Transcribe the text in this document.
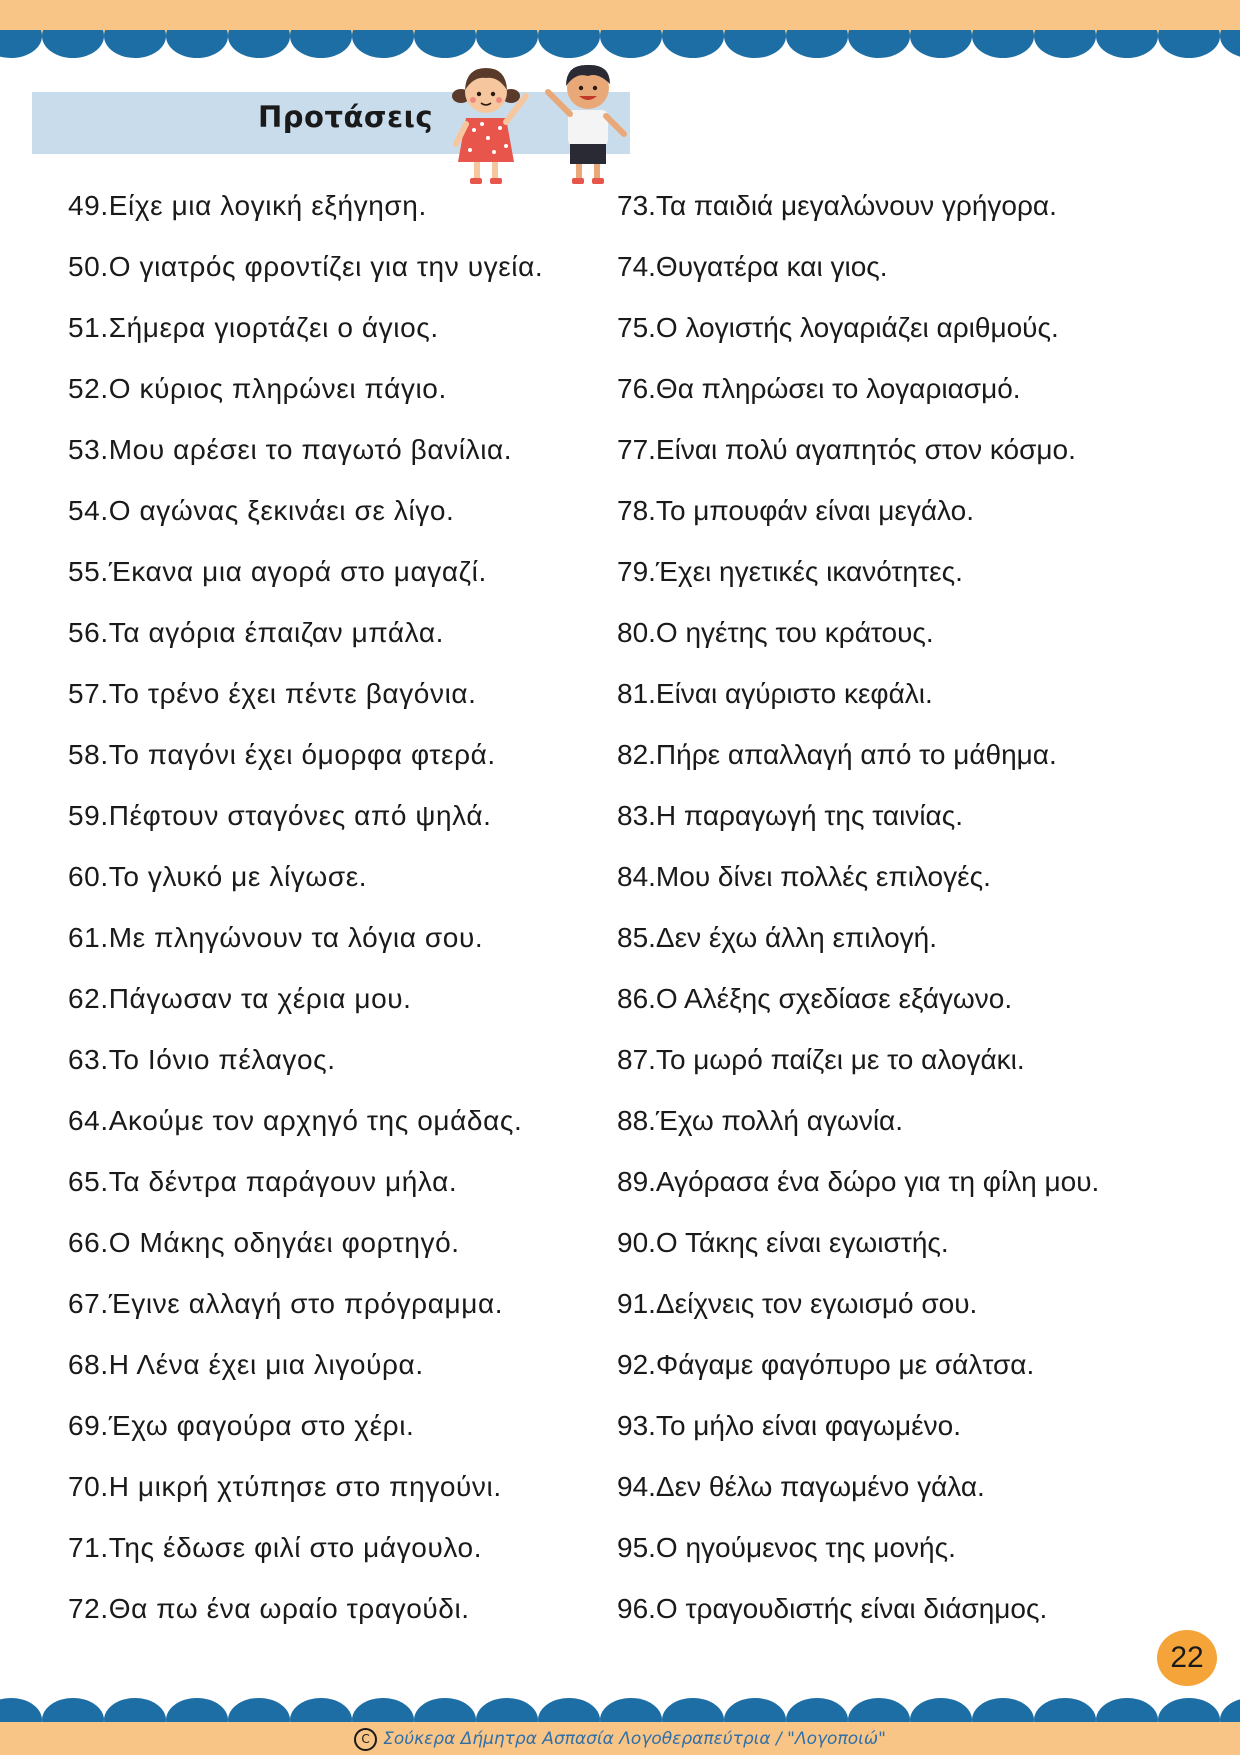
Προτάσεις
49.Είχε μια λογική εξήγηση.
50.Ο γιατρός φροντίζει για την υγεία.
51.Σήμερα γιορτάζει ο άγιος.
52.Ο κύριος πληρώνει πάγιο.
53.Μου αρέσει το παγωτό βανίλια.
54.Ο αγώνας ξεκινάει σε λίγο.
55.Έκανα μια αγορά στο μαγαζί.
56.Τα αγόρια έπαιζαν μπάλα.
57.Το τρένο έχει πέντε βαγόνια.
58.Το παγόνι έχει όμορφα φτερά.
59.Πέφτουν σταγόνες από ψηλά.
60.Το γλυκό με λίγωσε.
61.Με πληγώνουν τα λόγια σου.
62.Πάγωσαν τα χέρια μου.
63.Το Ιόνιο πέλαγος.
64.Ακούμε τον αρχηγό της ομάδας.
65.Τα δέντρα παράγουν μήλα.
66.Ο Μάκης οδηγάει φορτηγό.
67.Έγινε αλλαγή στο πρόγραμμα.
68.Η Λένα έχει μια λιγούρα.
69.Έχω φαγούρα στο χέρι.
70.Η μικρή χτύπησε στο πηγούνι.
71.Της έδωσε φιλί στο μάγουλο.
72.Θα πω ένα ωραίο τραγούδι.
73.Τα παιδιά μεγαλώνουν γρήγορα.
74.Θυγατέρα και γιος.
75.Ο λογιστής λογαριάζει αριθμούς.
76.Θα πληρώσει το λογαριασμό.
77.Είναι πολύ αγαπητός στον κόσμο.
78.Το μπουφάν είναι μεγάλο.
79.Έχει ηγετικές ικανότητες.
80.Ο ηγέτης του κράτους.
81.Είναι αγύριστο κεφάλι.
82.Πήρε απαλλαγή από το μάθημα.
83.Η παραγωγή της ταινίας.
84.Μου δίνει πολλές επιλογές.
85.Δεν έχω άλλη επιλογή.
86.Ο Αλέξης σχεδίασε εξάγωνο.
87.Το μωρό παίζει με το αλογάκι.
88.Έχω πολλή αγωνία.
89.Αγόρασα ένα δώρο για τη φίλη μου.
90.Ο Τάκης είναι εγωιστής.
91.Δείχνεις τον εγωισμό σου.
92.Φάγαμε φαγόπυρο με σάλτσα.
93.Το μήλο είναι φαγωμένο.
94.Δεν θέλω παγωμένο γάλα.
95.Ο ηγούμενος της μονής.
96.Ο τραγουδιστής είναι διάσημος.
22
C Σούκερα Δήμητρα Ασπασία Λογοθεραπεύτρια / "Λογοποιώ"
